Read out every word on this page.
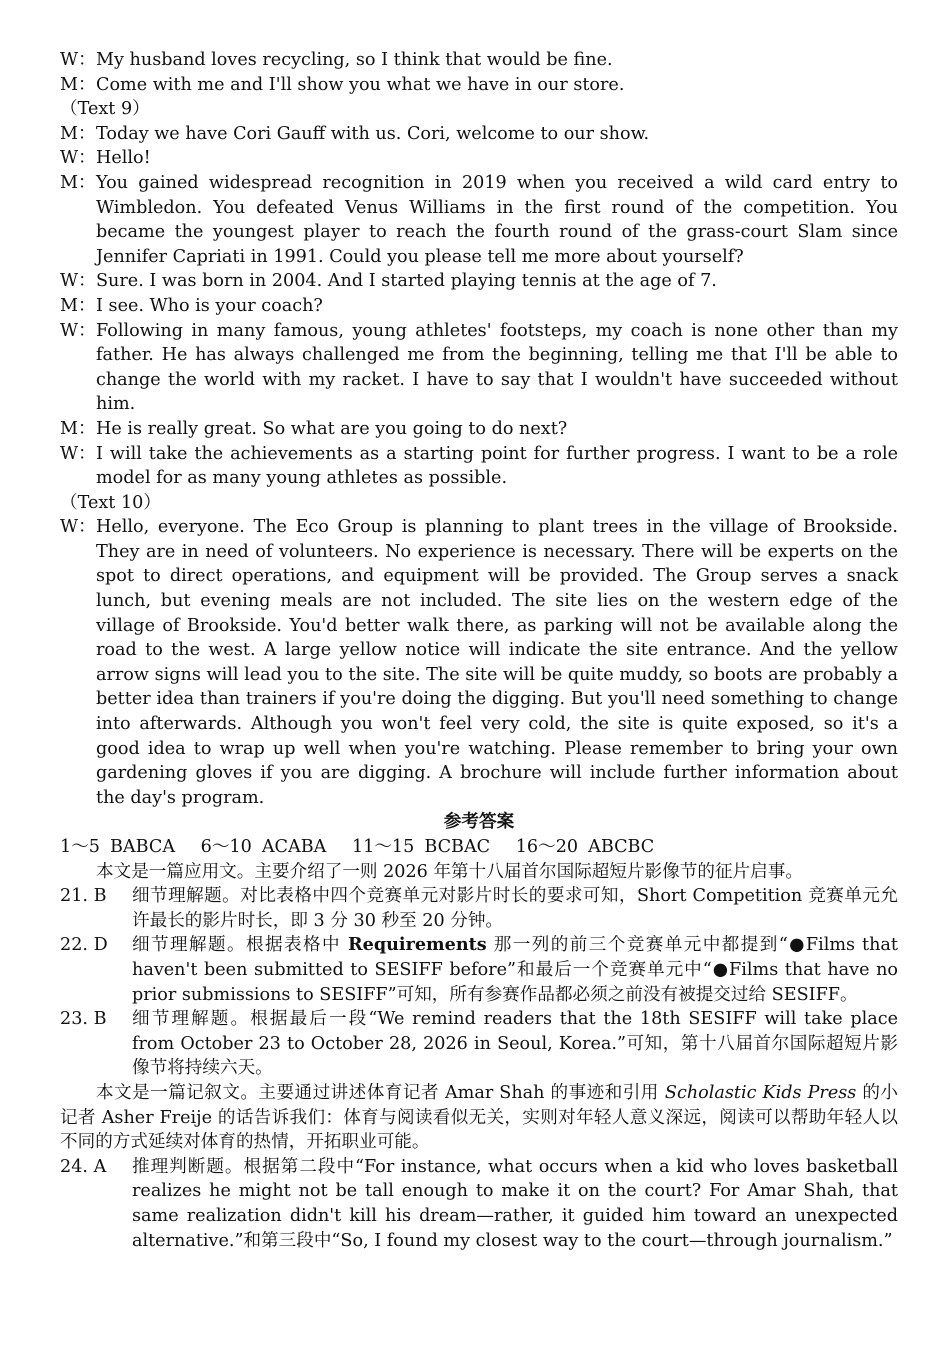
W： My husband loves recycling, so I think that would be fine.
M： Come with me and I'll show you what we have in our store.
（Text 9）
M： Today we have Cori Gauff with us. Cori, welcome to our show.
W： Hello!
M： You gained widespread recognition in 2019 when you received a wild card entry to Wimbledon. You defeated Venus Williams in the first round of the competition. You became the youngest player to reach the fourth round of the grass-court Slam since Jennifer Capriati in 1991. Could you please tell me more about yourself?
W： Sure. I was born in 2004. And I started playing tennis at the age of 7.
M： I see. Who is your coach?
W： Following in many famous, young athletes' footsteps, my coach is none other than my father. He has always challenged me from the beginning, telling me that I'll be able to change the world with my racket. I have to say that I wouldn't have succeeded without him.
M： He is really great. So what are you going to do next?
W： I will take the achievements as a starting point for further progress. I want to be a role model for as many young athletes as possible.
（Text 10）
W： Hello, everyone. The Eco Group is planning to plant trees in the village of Brookside. They are in need of volunteers. No experience is necessary. There will be experts on the spot to direct operations, and equipment will be provided. The Group serves a snack lunch, but evening meals are not included. The site lies on the western edge of the village of Brookside. You'd better walk there, as parking will not be available along the road to the west. A large yellow notice will indicate the site entrance. And the yellow arrow signs will lead you to the site. The site will be quite muddy, so boots are probably a better idea than trainers if you're doing the digging. But you'll need something to change into afterwards. Although you won't feel very cold, the site is quite exposed, so it's a good idea to wrap up well when you're watching. Please remember to bring your own gardening gloves if you are digging. A brochure will include further information about the day's program.
参考答案
1～5 BABCA 6～10 ACABA 11～15 BCBAC 16～20 ABCBC
本文是一篇应用文。主要介绍了一则 2026 年第十八届首尔国际超短片影像节的征片启事。
21. B	细节理解题。对比表格中四个竞赛单元对影片时长的要求可知，Short Competition 竞赛单元允许最长的影片时长，即 3 分 30 秒至 20 分钟。
22. D	细节理解题。根据表格中 Requirements 那一列的前三个竞赛单元中都提到“●Films that haven't been submitted to SESIFF before”和最后一个竞赛单元中“●Films that have no prior submissions to SESIFF”可知，所有参赛作品都必须之前没有被提交过给 SESIFF。
23. B	细节理解题。根据最后一段“We remind readers that the 18th SESIFF will take place from October 23 to October 28, 2026 in Seoul, Korea.”可知，第十八届首尔国际超短片影像节将持续六天。
本文是一篇记叙文。主要通过讲述体育记者 Amar Shah 的事迹和引用 Scholastic Kids Press 的小记者 Asher Freije 的话告诉我们：体育与阅读看似无关，实则对年轻人意义深远，阅读可以帮助年轻人以不同的方式延续对体育的热情，开拓职业可能。
24. A	推理判断题。根据第二段中“For instance, what occurs when a kid who loves basketball realizes he might not be tall enough to make it on the court? For Amar Shah, that same realization didn't kill his dream—rather, it guided him toward an unexpected alternative.”和第三段中“So, I found my closest way to the court—through journalism.”
